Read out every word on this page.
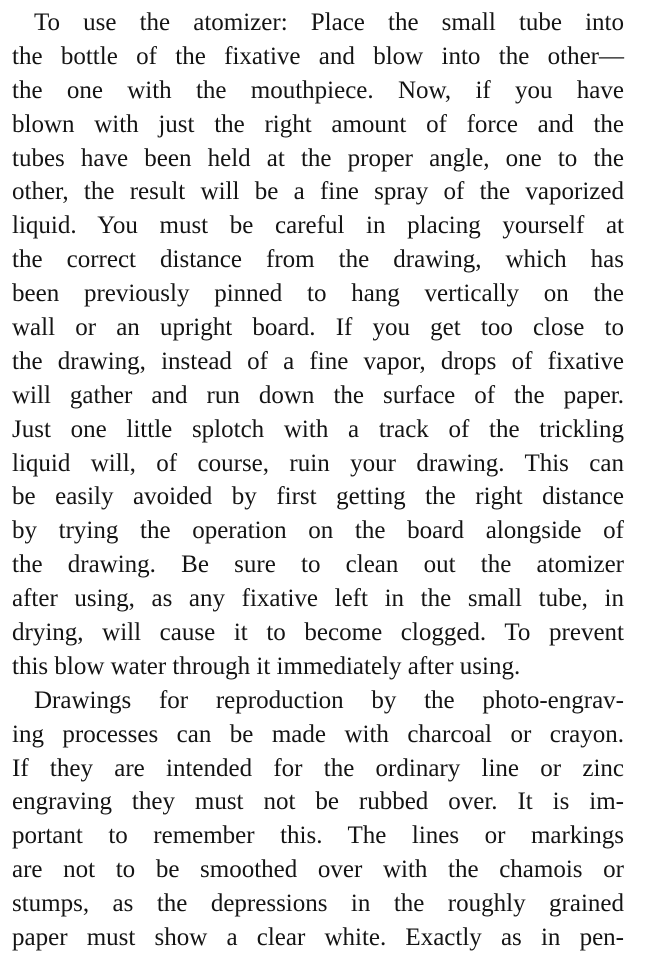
To use the atomizer: Place the small tube into
the bottle of the fixative and blow into the other—
the one with the mouthpiece. Now, if you have
blown with just the right amount of force and the
tubes have been held at the proper angle, one to the
other, the result will be a fine spray of the vaporized
liquid. You must be careful in placing yourself at
the correct distance from the drawing, which has
been previously pinned to hang vertically on the
wall or an upright board. If you get too close to
the drawing, instead of a fine vapor, drops of fixative
will gather and run down the surface of the paper.
Just one little splotch with a track of the trickling
liquid will, of course, ruin your drawing. This can
be easily avoided by first getting the right distance
by trying the operation on the board alongside of
the drawing. Be sure to clean out the atomizer
after using, as any fixative left in the small tube, in
drying, will cause it to become clogged. To prevent
this blow water through it immediately after using.
Drawings for reproduction by the photo-engrav-
ing processes can be made with charcoal or crayon.
If they are intended for the ordinary line or zinc
engraving they must not be rubbed over. It is im-
portant to remember this. The lines or markings
are not to be smoothed over with the chamois or
stumps, as the depressions in the roughly grained
paper must show a clear white. Exactly as in pen-
